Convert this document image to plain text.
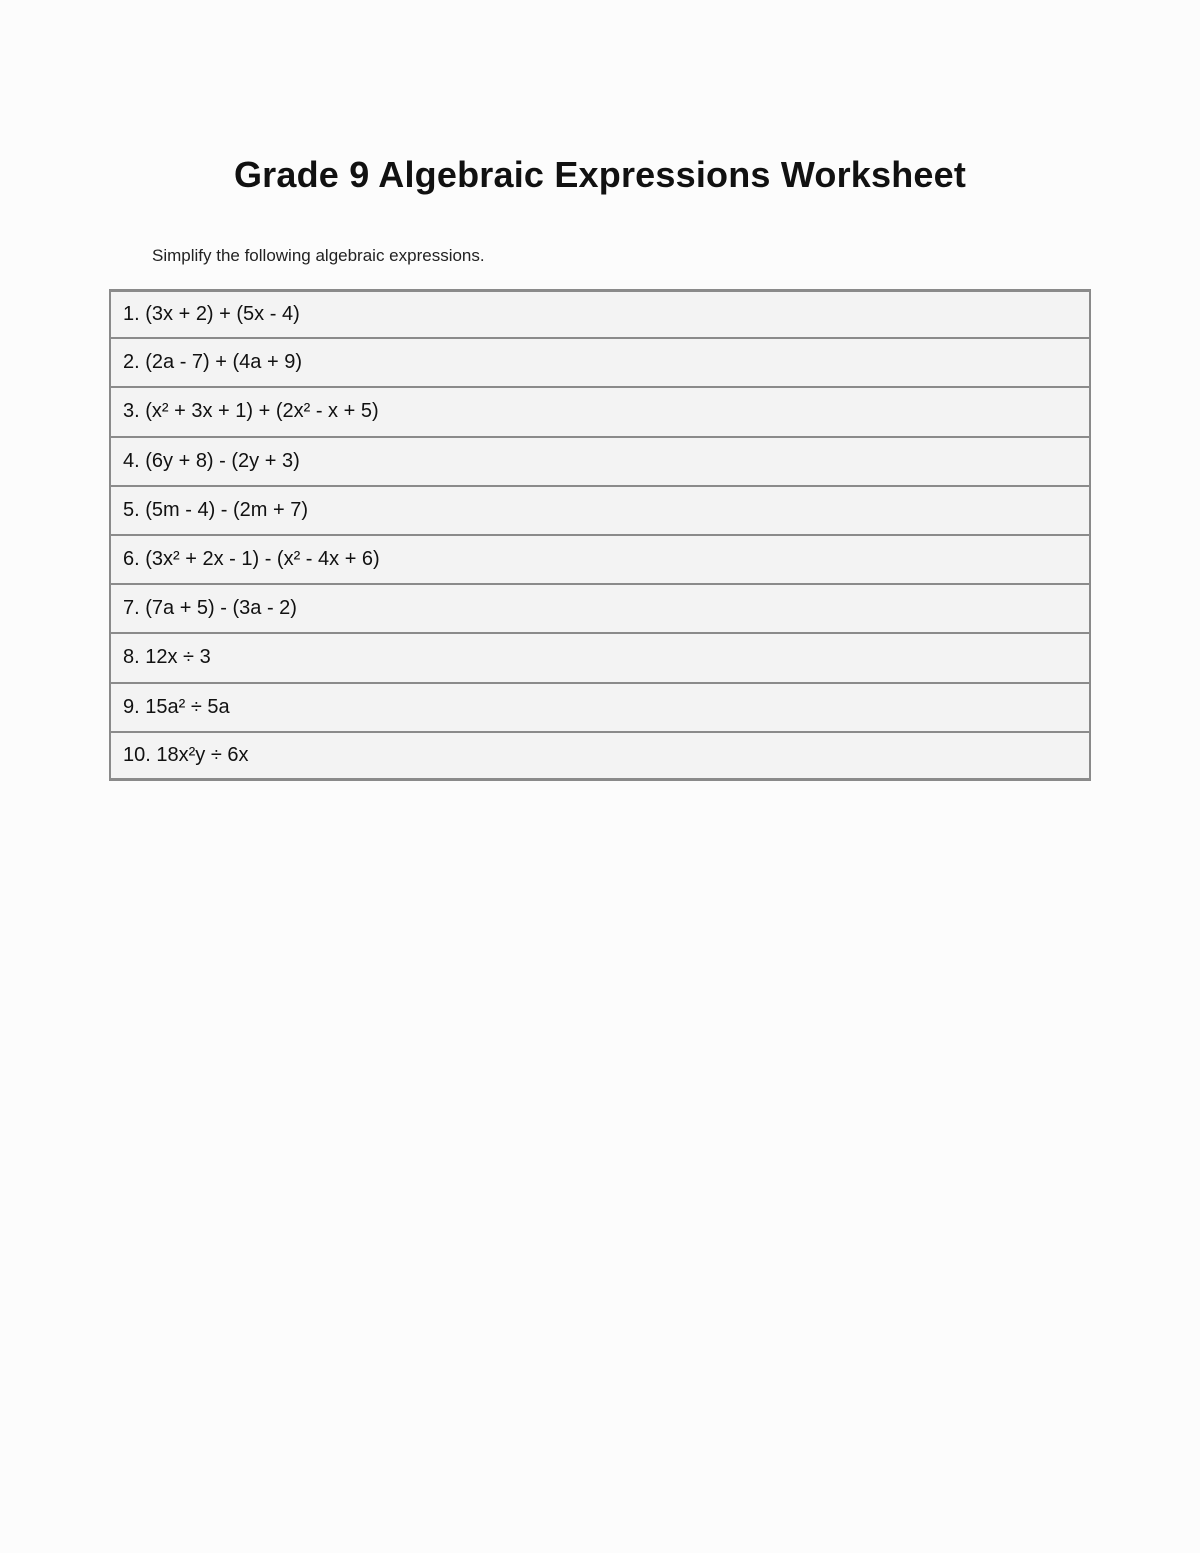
Grade 9 Algebraic Expressions Worksheet

Simplify the following algebraic expressions.

1. (3x + 2) + (5x - 4)
2. (2a - 7) + (4a + 9)
3. (x² + 3x + 1) + (2x² - x + 5)
4. (6y + 8) - (2y + 3)
5. (5m - 4) - (2m + 7)
6. (3x² + 2x - 1) - (x² - 4x + 6)
7. (7a + 5) - (3a - 2)
8. 12x ÷ 3
9. 15a² ÷ 5a
10. 18x²y ÷ 6x
